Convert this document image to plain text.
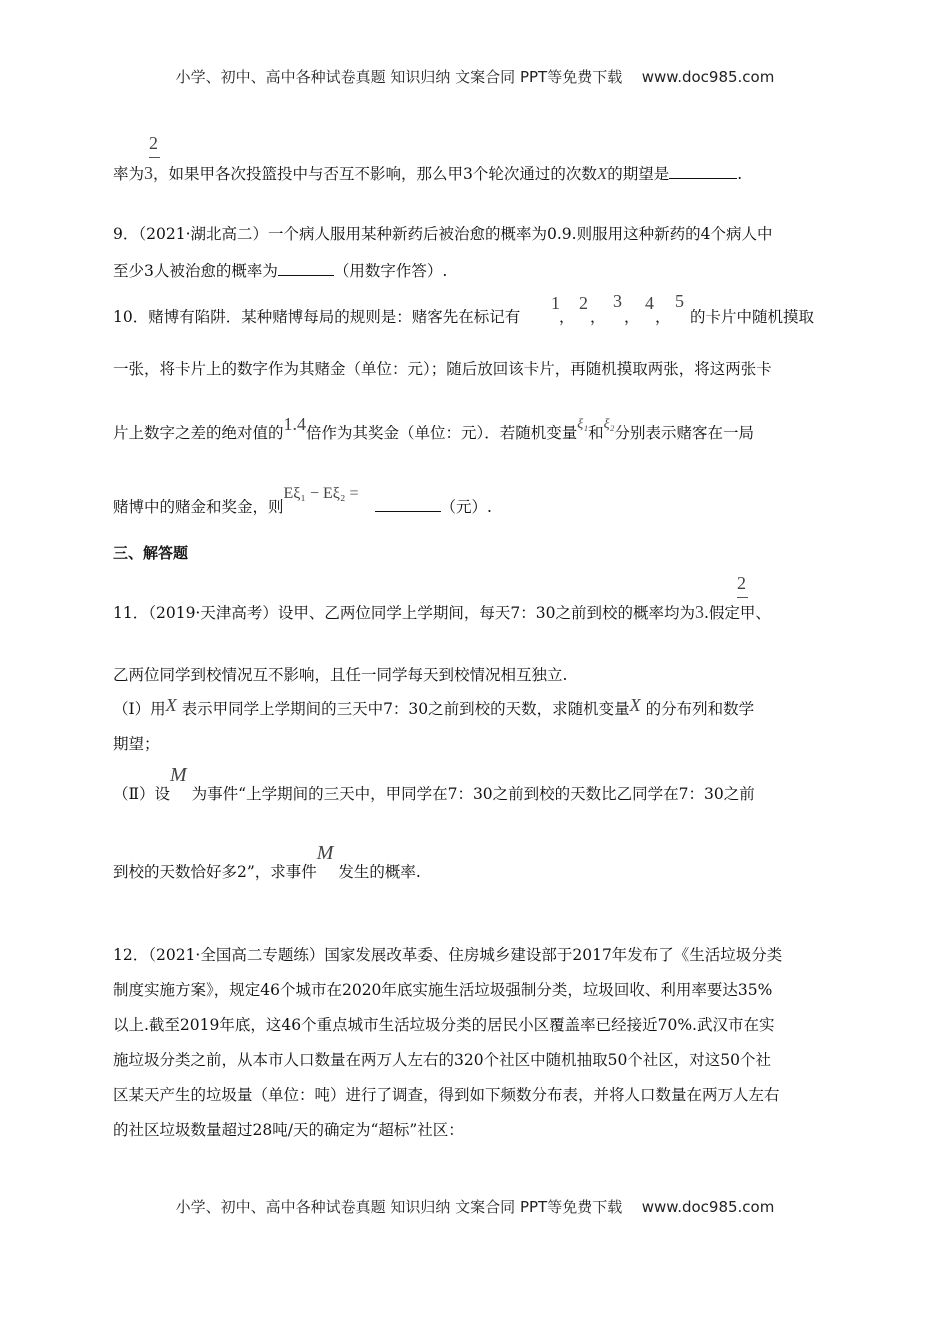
小学、初中、高中各种试卷真题 知识归纳 文案合同 PPT等免费下载 www.doc985.com
2
率为3，如果甲各次投篮投中与否互不影响，那么甲3个轮次通过的次数X的期望是	.
9．（2021·湖北高二）一个病人服用某种新药后被治愈的概率为0.9.则服用这种新药的4个病人中
至少3人被治愈的概率为	（用数字作答）.
10．赌博有陷阱．某种赌博每局的规则是：赌客先在标记有
1
，
2
，
3
，
4
，
5
的卡片中随机摸取
一张，将卡片上的数字作为其赌金（单位：元）；随后放回该卡片，再随机摸取两张，将这两张卡
片上数字之差的绝对值的1.4倍作为其奖金（单位：元）．若随机变量ξ₁和ξ₂分别表示赌客在一局
赌博中的赌金和奖金，则Eξ₁ − Eξ₂ =（元）.
三、解答题
2
11．（2019·天津高考）设甲、乙两位同学上学期间，每天7：30之前到校的概率均为3.假定甲、
乙两位同学到校情况互不影响，且任一同学每天到校情况相互独立.
（Ⅰ）用X 表示甲同学上学期间的三天中7：30之前到校的天数，求随机变量X 的分布列和数学
期望；
（Ⅱ）设M 为事件“上学期间的三天中，甲同学在7：30之前到校的天数比乙同学在7：30之前
到校的天数恰好多2”，求事件M 发生的概率.
12．（2021·全国高二专题练）国家发展改革委、住房城乡建设部于2017年发布了《生活垃圾分类
制度实施方案》，规定46个城市在2020年底实施生活垃圾强制分类，垃圾回收、利用率要达35%
以上.截至2019年底，这46个重点城市生活垃圾分类的居民小区覆盖率已经接近70%.武汉市在实
施垃圾分类之前，从本市人口数量在两万人左右的320个社区中随机抽取50个社区，对这50个社
区某天产生的垃圾量（单位：吨）进行了调查，得到如下频数分布表，并将人口数量在两万人左右
的社区垃圾数量超过28吨/天的确定为“超标”社区：
小学、初中、高中各种试卷真题 知识归纳 文案合同 PPT等免费下载 www.doc985.com
